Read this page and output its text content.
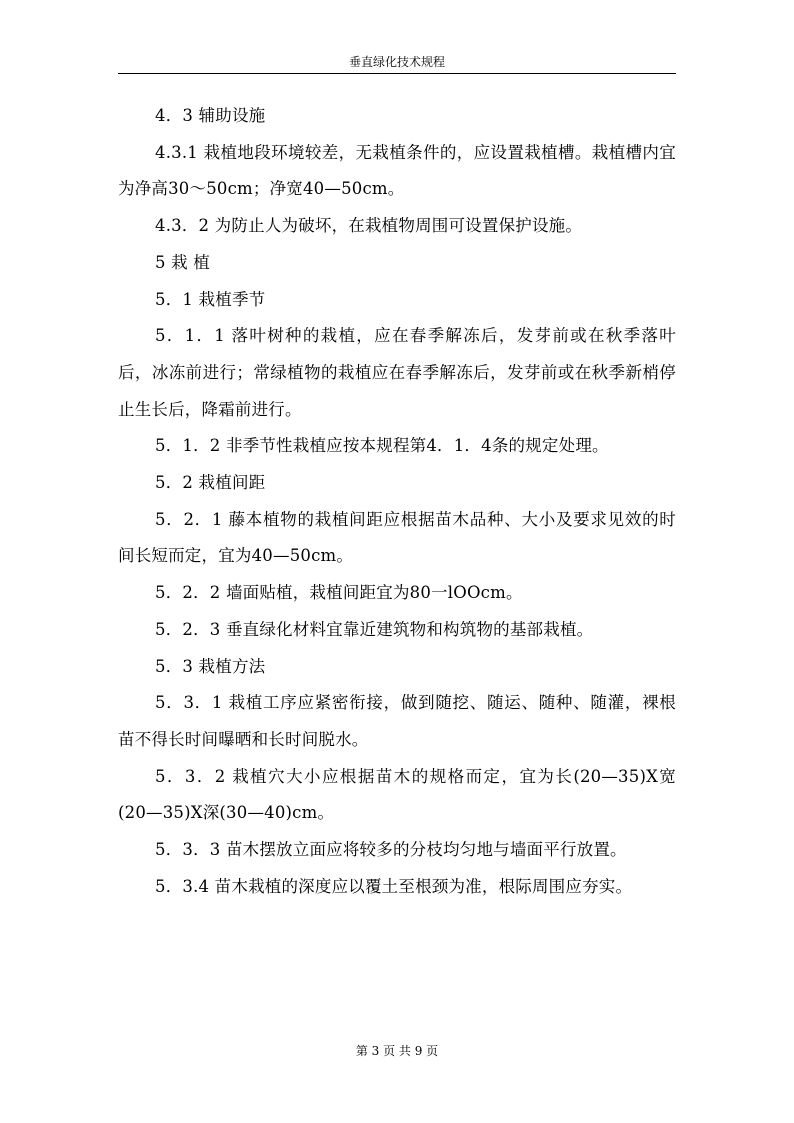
垂直绿化技术规程

4．3 辅助设施

4.3.1 栽植地段环境较差，无栽植条件的，应设置栽植槽。栽植槽内宜为净高30～50cm；净宽40—50cm。

4.3．2 为防止人为破坏，在栽植物周围可设置保护设施。

5 栽 植

5．1 栽植季节

5．1．1 落叶树种的栽植，应在春季解冻后，发芽前或在秋季落叶后，冰冻前进行；常绿植物的栽植应在春季解冻后，发芽前或在秋季新梢停止生长后，降霜前进行。

5．1．2 非季节性栽植应按本规程第4．1．4条的规定处理。

5．2 栽植间距

5．2．1 藤本植物的栽植间距应根据苗木品种、大小及要求见效的时间长短而定，宜为40—50cm。

5．2．2 墙面贴植，栽植间距宜为80一lOOcm。

5．2．3 垂直绿化材料宜靠近建筑物和构筑物的基部栽植。

5．3 栽植方法

5．3．1 栽植工序应紧密衔接，做到随挖、随运、随种、随灌，裸根苗不得长时间曝晒和长时间脱水。

5．3．2 栽植穴大小应根据苗木的规格而定，宜为长(20—35)X宽 (20—35)X深(30—40)cm。

5．3．3 苗木摆放立面应将较多的分枝均匀地与墙面平行放置。

5．3.4 苗木栽植的深度应以覆土至根颈为准，根际周围应夯实。

第 3 页 共 9 页
